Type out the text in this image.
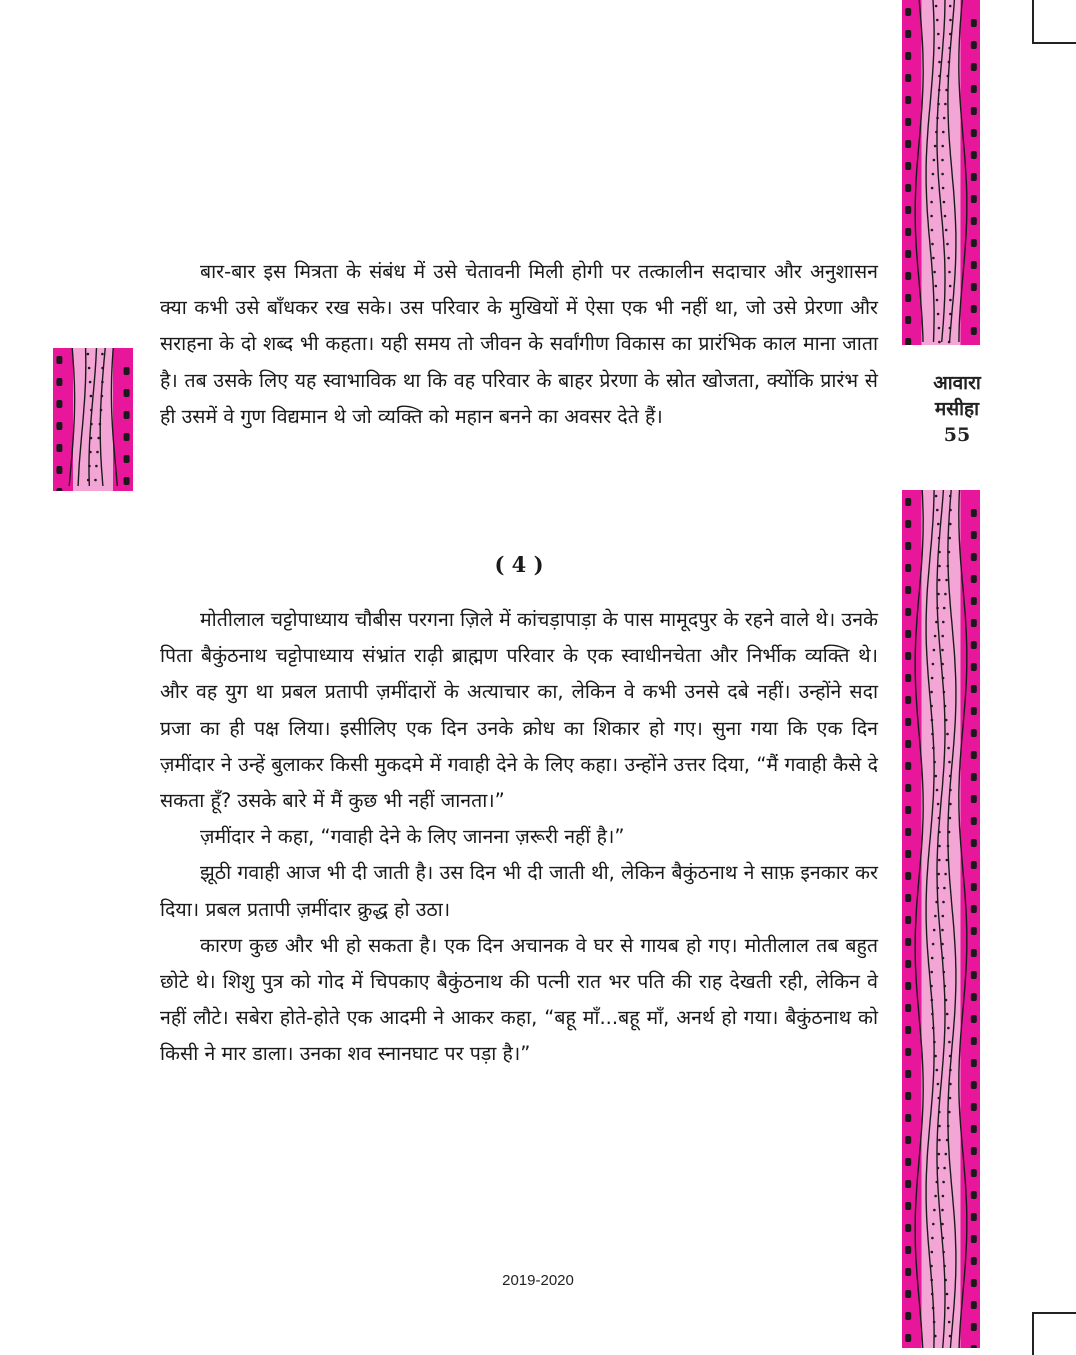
आवारा
मसीहा
55

बार-बार इस मित्रता के संबंध में उसे चेतावनी मिली होगी पर तत्कालीन सदाचार और अनुशासन क्या कभी उसे बाँधकर रख सके। उस परिवार के मुखियों में ऐसा एक भी नहीं था, जो उसे प्रेरणा और सराहना के दो शब्द भी कहता। यही समय तो जीवन के सर्वांगीण विकास का प्रारंभिक काल माना जाता है। तब उसके लिए यह स्वाभाविक था कि वह परिवार के बाहर प्रेरणा के स्रोत खोजता, क्योंकि प्रारंभ से ही उसमें वे गुण विद्यमान थे जो व्यक्ति को महान बनने का अवसर देते हैं।

( 4 )

मोतीलाल चट्टोपाध्याय चौबीस परगना ज़िले में कांचड़ापाड़ा के पास मामूदपुर के रहने वाले थे। उनके पिता बैकुंठनाथ चट्टोपाध्याय संभ्रांत राढ़ी ब्राह्मण परिवार के एक स्वाधीनचेता और निर्भीक व्यक्ति थे। और वह युग था प्रबल प्रतापी ज़मींदारों के अत्याचार का, लेकिन वे कभी उनसे दबे नहीं। उन्होंने सदा प्रजा का ही पक्ष लिया। इसीलिए एक दिन उनके क्रोध का शिकार हो गए। सुना गया कि एक दिन ज़मींदार ने उन्हें बुलाकर किसी मुकदमे में गवाही देने के लिए कहा। उन्होंने उत्तर दिया, “मैं गवाही कैसे दे सकता हूँ? उसके बारे में मैं कुछ भी नहीं जानता।”

ज़मींदार ने कहा, “गवाही देने के लिए जानना ज़रूरी नहीं है।”

झूठी गवाही आज भी दी जाती है। उस दिन भी दी जाती थी, लेकिन बैकुंठनाथ ने साफ़ इनकार कर दिया। प्रबल प्रतापी ज़मींदार क्रुद्ध हो उठा।

कारण कुछ और भी हो सकता है। एक दिन अचानक वे घर से गायब हो गए। मोतीलाल तब बहुत छोटे थे। शिशु पुत्र को गोद में चिपकाए बैकुंठनाथ की पत्नी रात भर पति की राह देखती रही, लेकिन वे नहीं लौटे। सबेरा होते-होते एक आदमी ने आकर कहा, “बहू माँ...बहू माँ, अनर्थ हो गया। बैकुंठनाथ को किसी ने मार डाला। उनका शव स्नानघाट पर पड़ा है।”

2019-2020
